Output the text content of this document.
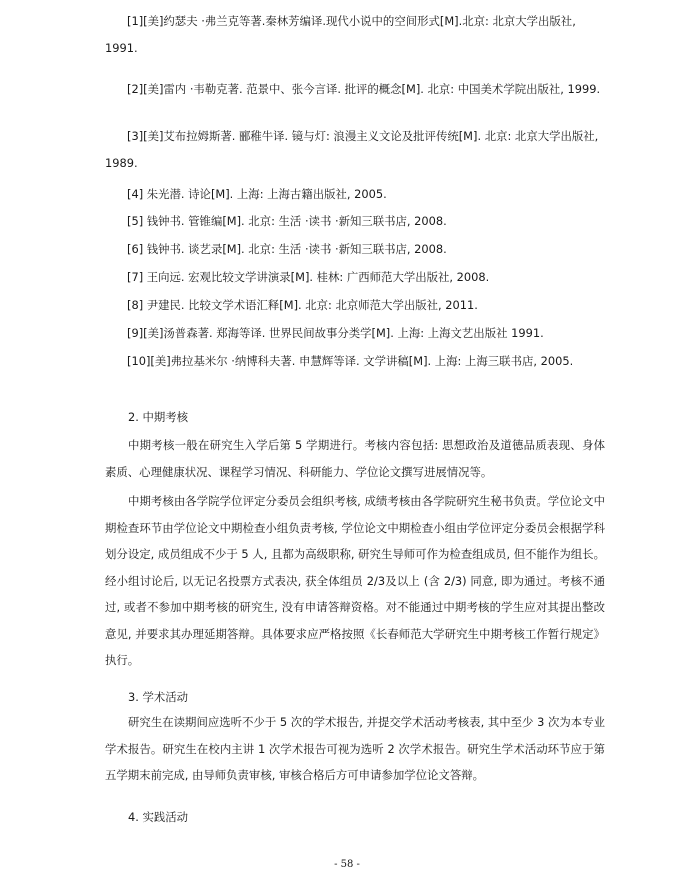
[1][美]约瑟夫 ·弗兰克等著.秦林芳编译.现代小说中的空间形式[M].北京: 北京大学出版社, 1991.

[2][美]雷内 ·韦勒克著. 范景中、张今言译. 批评的概念[M]. 北京: 中国美术学院出版社, 1999.

[3][美]艾布拉姆斯著. 郦稚牛译. 镜与灯: 浪漫主义文论及批评传统[M]. 北京: 北京大学出版社, 1989.

[4] 朱光潜. 诗论[M]. 上海: 上海古籍出版社, 2005.

[5] 钱钟书. 管锥编[M]. 北京: 生活 ·读书 ·新知三联书店, 2008.

[6] 钱钟书. 谈艺录[M]. 北京: 生活 ·读书 ·新知三联书店, 2008.

[7] 王向远. 宏观比较文学讲演录[M]. 桂林: 广西师范大学出版社, 2008.

[8] 尹建民. 比较文学术语汇释[M]. 北京: 北京师范大学出版社, 2011.

[9][美]汤普森著. 郑海等译. 世界民间故事分类学[M]. 上海: 上海文艺出版社 1991.

[10][美]弗拉基米尔 ·纳博科夫著. 申慧辉等译. 文学讲稿[M]. 上海: 上海三联书店, 2005.

2. 中期考核

中期考核一般在研究生入学后第 5 学期进行。考核内容包括: 思想政治及道德品质表现、身体素质、心理健康状况、课程学习情况、科研能力、学位论文撰写进展情况等。

中期考核由各学院学位评定分委员会组织考核, 成绩考核由各学院研究生秘书负责。学位论文中期检查环节由学位论文中期检查小组负责考核, 学位论文中期检查小组由学位评定分委员会根据学科划分设定, 成员组成不少于 5 人, 且都为高级职称, 研究生导师可作为检查组成员, 但不能作为组长。经小组讨论后, 以无记名投票方式表决, 获全体组员 2/3及以上 (含 2/3) 同意, 即为通过。考核不通过, 或者不参加中期考核的研究生, 没有申请答辩资格。对不能通过中期考核的学生应对其提出整改意见, 并要求其办理延期答辩。具体要求应严格按照《长春师范大学研究生中期考核工作暂行规定》执行。

3. 学术活动

研究生在读期间应选听不少于 5 次的学术报告, 并提交学术活动考核表, 其中至少 3 次为本专业学术报告。研究生在校内主讲 1 次学术报告可视为选听 2 次学术报告。研究生学术活动环节应于第五学期末前完成, 由导师负责审核, 审核合格后方可申请参加学位论文答辩。

4. 实践活动

- 58 -
